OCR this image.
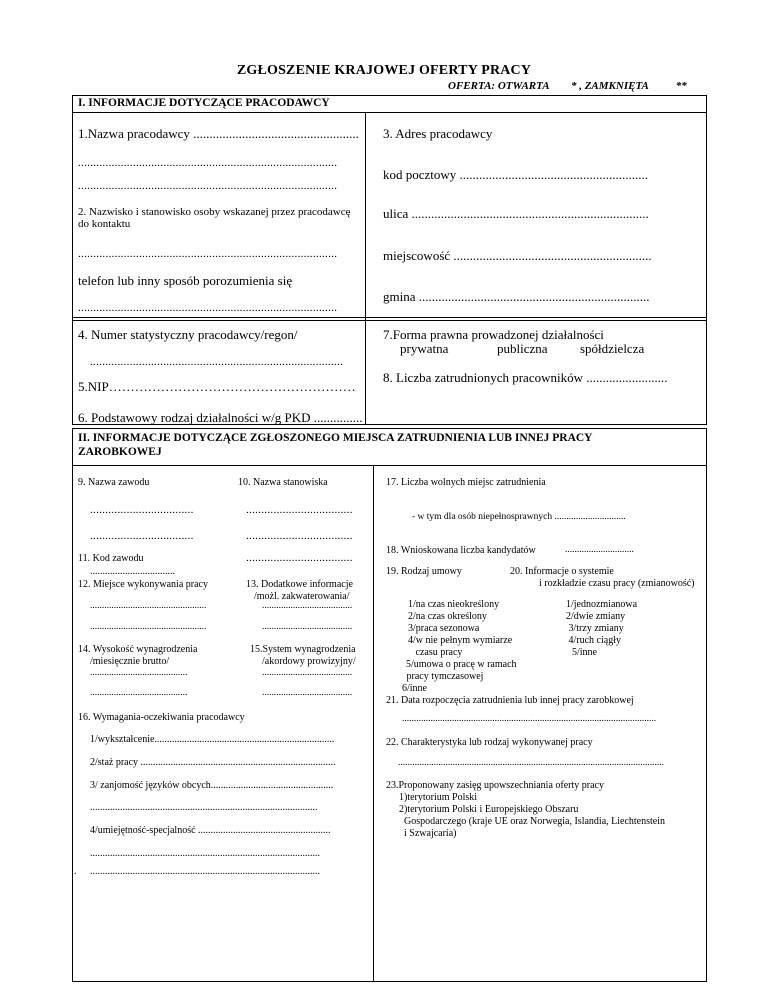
ZGŁOSZENIE KRAJOWEJ OFERTY PRACY
OFERTA: OTWARTA        * , ZAMKNIĘTA          **
I. INFORMACJE DOTYCZĄCE PRACODAWCY
1.Nazwa pracodawcy ...................................................
.....................................................................................
.....................................................................................
2. Nazwisko i stanowisko osoby wskazanej przez pracodawcę
do kontaktu
.....................................................................................
telefon lub inny sposób porozumienia się
.....................................................................................
3. Adres pracodawcy
kod pocztowy ..........................................................
ulica .........................................................................
miejscowość .............................................................
gmina .......................................................................
4. Numer statystyczny pracodawcy/regon/
...................................................................................
5.NIP…………………………………………………
6. Podstawowy rodzaj działalności w/g PKD ...............
7.Forma prawna prowadzonej działalności
prywatna	publiczna spółdzielcza
8. Liczba zatrudnionych pracowników .........................
II. INFORMACJE DOTYCZĄCE ZGŁOSZONEGO MIEJSCA ZATRUDNIENIA LUB INNEJ PRACY
ZAROBKOWEJ
9. Nazwa zawodu	10. Nazwa stanowiska
..................................	...................................
..................................	...................................
11. Kod zawodu	...................................
..................................
12. Miejsce wykonywania pracy	13. Dodatkowe informacje
/możl. zakwaterowania/
.................................................	......................................
.................................................	......................................
14. Wysokość wynagrodzenia
/miesięcznie brutto/
15.System wynagrodzenia
/akordowy prowizyjny/
.........................................	......................................
.........................................	......................................
16. Wymagania-oczekiwania pracodawcy
1/wykształcenie........................................................................
2/staż pracy ..............................................................................
3/ zanjomość języków obcych.................................................
...........................................................................................
4/umiejętność-specjalność .....................................................
............................................................................................
. ............................................................................................
17. Liczba wolnych miejsc zatrudnienia
- w tym dla osób niepełnosprawnych ..............................
18. Wnioskowana liczba kandydatów	.............................
19. Rodzaj umowy	20. Informacje o systemie
i rozkładzie czasu pracy (zmianowość)
1/na czas nieokreślony
2/na czas określony
3/praca sezonowa
4/w nie pełnym wymiarze
czasu pracy
5/umowa o pracę w ramach
pracy tymczasowej
6/inne
1/jednozmianowa
2/dwie zmiany
3/trzy zmiany
4/ruch ciągły
5/inne
21. Data rozpoczęcia zatrudnienia lub innej pracy zarobkowej
...........................................................................................................
22. Charakterystyka lub rodzaj wykonywanej pracy
................................................................................................................
23.Proponowany zasięg upowszechniania oferty pracy
1)terytorium Polski
2)terytorium Polski i Europejskiego Obszaru
Gospodarczego (kraje UE oraz Norwegia, Islandia, Liechtenstein
i Szwajcaria)
